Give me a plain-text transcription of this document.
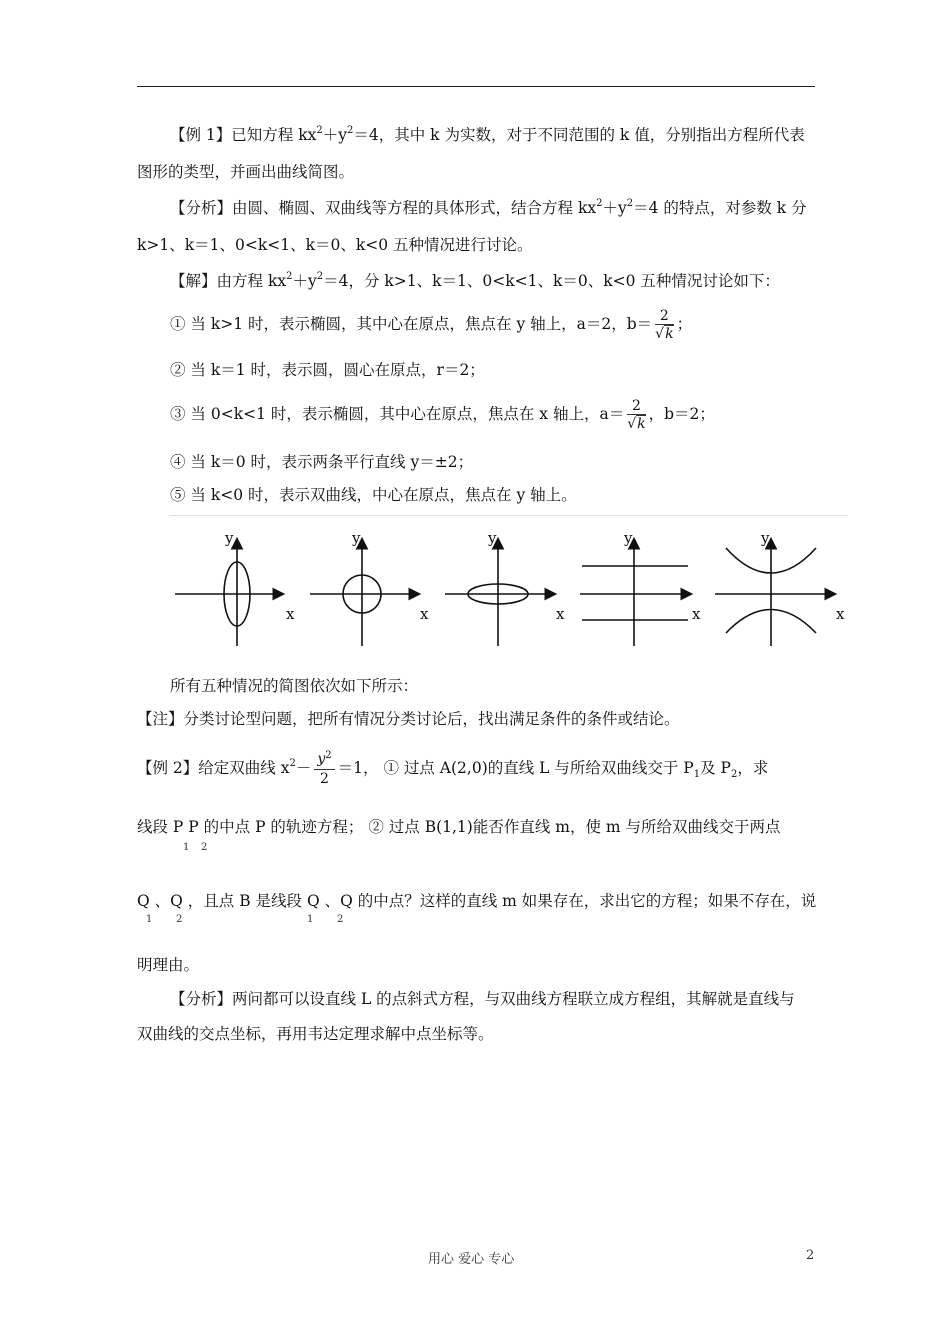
【例 1】已知方程 $kx^2+y^2=4$，其中 k 为实数，对于不同范围的 k 值，分别指出方程所代表
图形的类型，并画出曲线简图。
【分析】由圆、椭圆、双曲线等方程的具体形式，结合方程 $kx^2+y^2=4$ 的特点，对参数 k 分
k>1、k＝1、0<k<1、k＝0、k<0 五种情况进行讨论。
【解】由方程 $kx^2+y^2=4$，分 k>1、k＝1、0<k<1、k＝0、k<0 五种情况讨论如下：
① 当 k>1 时，表示椭圆，其中心在原点，焦点在 y 轴上，a＝2，$b= \frac{2}{√k}$ ；
② 当 k＝1 时，表示圆，圆心在原点，r＝2；
③ 当 0<k<1 时，表示椭圆，其中心在原点，焦点在 x 轴上，$a= \frac{2}{√k}$ ，b＝2；
④ 当 k＝0 时，表示两条平行直线 y＝±2；
⑤ 当 k<0 时，表示双曲线，中心在原点，焦点在 y 轴上。
y
x
y
x
y
x
y
x
y
x
所有五种情况的简图依次如下所示：
【注】分类讨论型问题，把所有情况分类讨论后，找出满足条件的条件或结论。
【例 2】给定双曲线 $x^2- \frac{y^2}{2} =1$， ① 过点 A(2,0)的直线 L 与所给双曲线交于 $P_1$及 $P_2$，求
线段 P P 的中点 P 的轨迹方程； ② 过点 B(1,1)能否作直线 m，使 m 与所给双曲线交于两点
1 2
Q 、Q ，且点 B 是线段 Q 、Q 的中点？这样的直线 m 如果存在，求出它的方程；如果不存在，说
1 2	1 2
明理由。
【分析】两问都可以设直线 L 的点斜式方程，与双曲线方程联立成方程组，其解就是直线与
双曲线的交点坐标，再用韦达定理求解中点坐标等。
用心 爱心 专心	2
